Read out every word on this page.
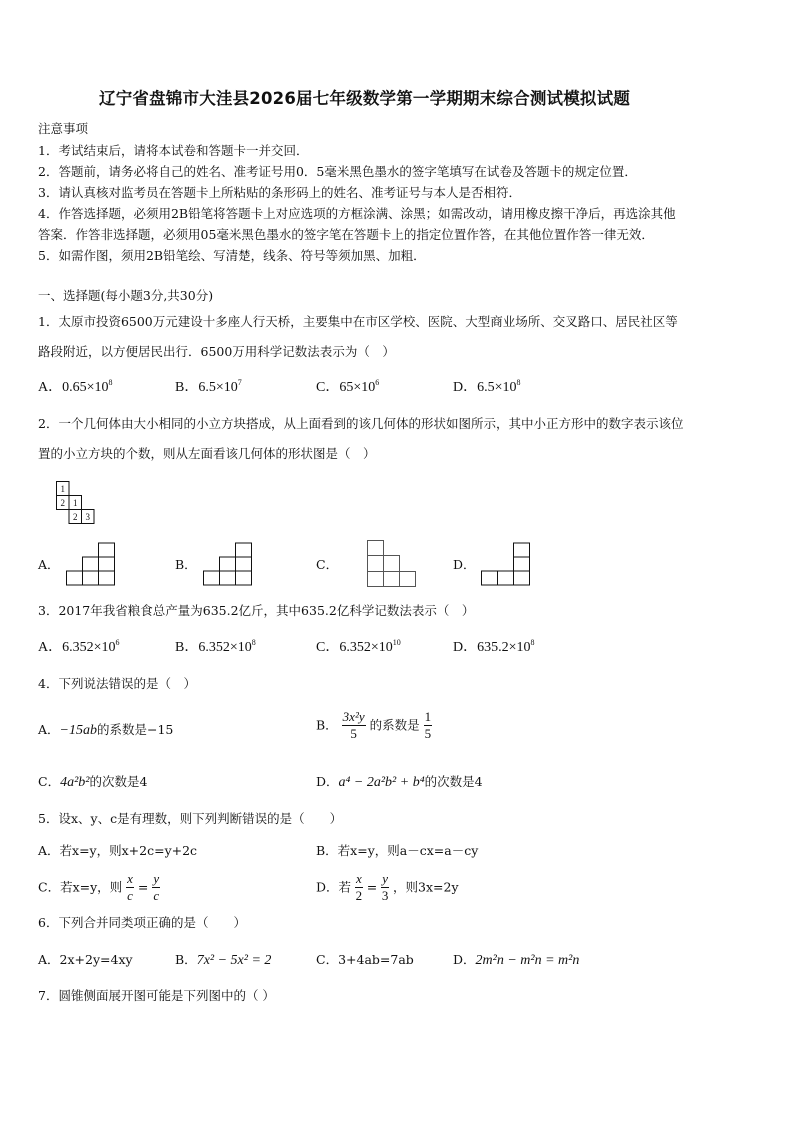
辽宁省盘锦市大洼县2026届七年级数学第一学期期末综合测试模拟试题
注意事项
1．考试结束后，请将本试卷和答题卡一并交回．
2．答题前，请务必将自己的姓名、准考证号用0．5毫米黑色墨水的签字笔填写在试卷及答题卡的规定位置．
3．请认真核对监考员在答题卡上所粘贴的条形码上的姓名、准考证号与本人是否相符．
4．作答选择题，必须用2B铅笔将答题卡上对应选项的方框涂满、涂黑；如需改动，请用橡皮擦干净后，再选涂其他
答案．作答非选择题，必须用05毫米黑色墨水的签字笔在答题卡上的指定位置作答，在其他位置作答一律无效．
5．如需作图，须用2B铅笔绘、写清楚，线条、符号等须加黑、加粗．
一、选择题(每小题3分,共30分)
1．太原市投资6500万元建设十多座人行天桥，主要集中在市区学校、医院、大型商业场所、交叉路口、居民社区等
路段附近，以方便居民出行．6500万用科学记数法表示为（　）
A．$0.65\times 10^8$	B．$6.5\times 10^7$	C．$65\times 10^6$	D．$6.5\times 10^8$
2．一个几何体由大小相同的小立方块搭成，从上面看到的该几何体的形状如图所示，其中小正方形中的数字表示该位
置的小立方块的个数，则从左面看该几何体的形状图是（　）
1
2 1
2 3
A．	B．	C．	D．
3．2017年我省粮食总产量为635.2亿斤，其中635.2亿科学记数法表示（　）
A．$6.352\times 10^6$	B．$6.352\times 10^8$	C．$6.352\times 10^{10}$	D．$635.2\times 10^8$
4．下列说法错误的是（　）
A．−15ab的系数是−15	B． $\frac{\text{3x²y}}{5}$ 的系数是 $\frac{1}{5}$
C．4a²b²的次数是4	D．a⁴ − 2a²b² + b⁴的次数是4
5．设x、y、c是有理数，则下列判断错误的是（　　）
A．若x=y，则x+2c=y+2c	B．若x=y，则a－cx=a－cy
C．若x=y，则 $\frac{x}{c} = \frac{y}{c}$	D．若 $\frac{x}{2} = \frac{y}{3}$ ，则3x=2y
6．下列合并同类项正确的是（　　）
A．2x+2y=4xy	B．7x² − 5x² = 2	C．3+4ab=7ab	D．2m²n − m²n = m²n
7．圆锥侧面展开图可能是下列图中的（ ）
